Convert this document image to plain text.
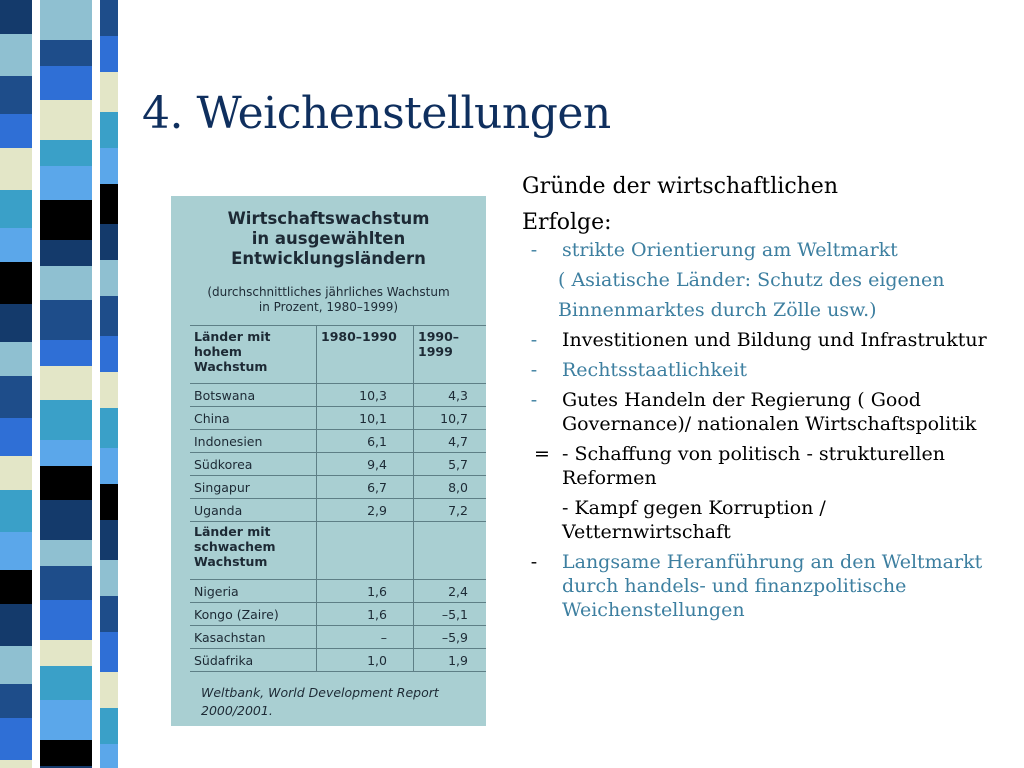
4. Weichenstellungen
Wirtschaftswachstum
in ausgewählten
Entwicklungsländern
(durchschnittliches jährliches Wachstum
in Prozent, 1980–1999)
Länder mit hohem Wachstum	1980–1990	1990–1999
Botswana	10,3	4,3
China	10,1	10,7
Indonesien	6,1	4,7
Südkorea	9,4	5,7
Singapur	6,7	8,0
Uganda	2,9	7,2
Länder mit schwachem Wachstum		
Nigeria	1,6	2,4
Kongo (Zaire)	1,6	–5,1
Kasachstan	–	–5,9
Südafrika	1,0	1,9
Weltbank, World Development Report
2000/2001.
Gründe der wirtschaftlichen
Erfolge:
-	strikte Orientierung am Weltmarkt
( Asiatische Länder: Schutz des eigenen
Binnenmarktes durch Zölle usw.)
-	Investitionen und Bildung und Infrastruktur
-	Rechtsstaatlichkeit
-	Gutes Handeln der Regierung ( Good Governance)/ nationalen Wirtschaftspolitik
= - Schaffung von politisch - strukturellen Reformen
- Kampf gegen Korruption / Vetternwirtschaft
-	Langsame Heranführung an den Weltmarkt durch handels- und finanzpolitische Weichenstellungen
